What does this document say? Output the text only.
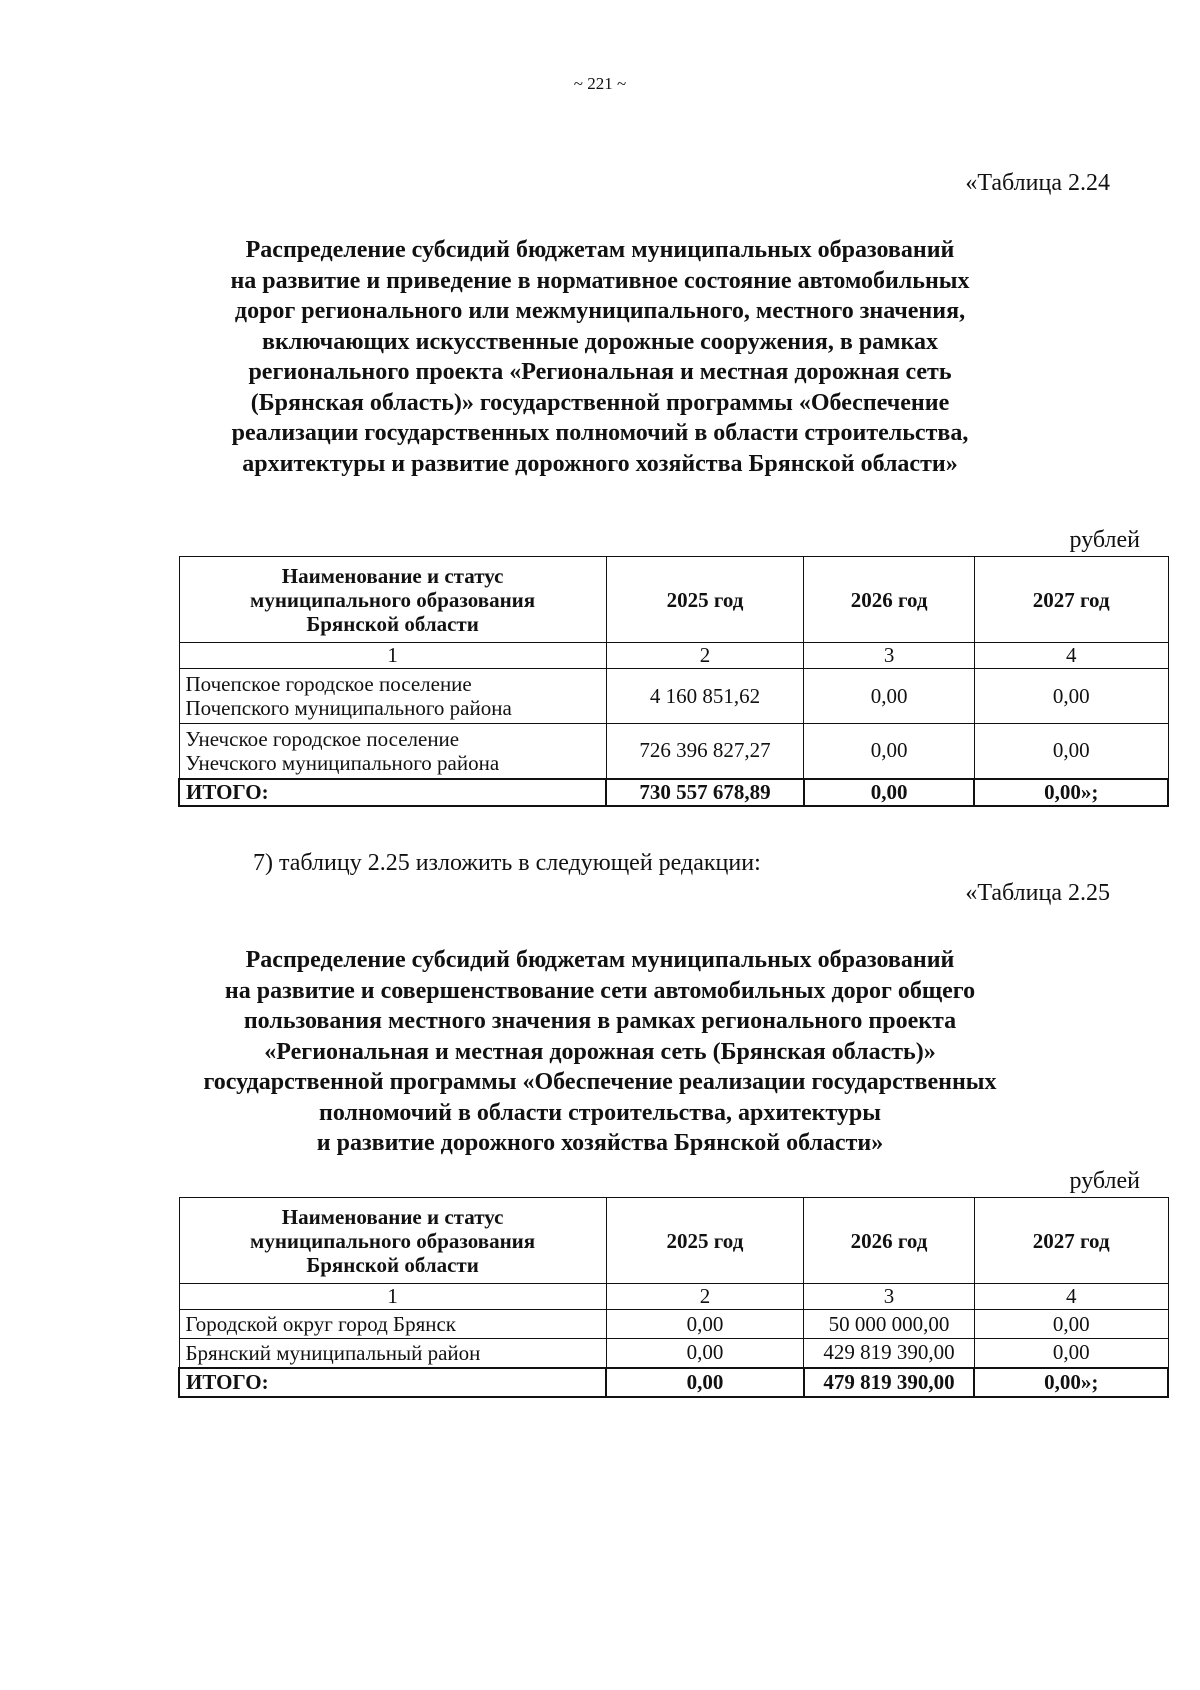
~ 221 ~
«Таблица 2.24
Распределение субсидий бюджетам муниципальных образований
на развитие и приведение в нормативное состояние автомобильных
дорог регионального или межмуниципального, местного значения,
включающих искусственные дорожные сооружения, в рамках
регионального проекта «Региональная и местная дорожная сеть
(Брянская область)» государственной программы «Обеспечение
реализации государственных полномочий в области строительства,
архитектуры и развитие дорожного хозяйства Брянской области»
рублей
Наименование и статус
муниципального образования
Брянской области	2025 год	2026 год	2027 год
1	2	3	4

Почепское городское поселение
Почепского муниципального района	4 160 851,62	0,00	0,00

Унечское городское поселение
Унечского муниципального района	726 396 827,27	0,00	0,00
ИТОГО:	730 557 678,89	0,00	0,00»;
7) таблицу 2.25 изложить в следующей редакции:
«Таблица 2.25
Распределение субсидий бюджетам муниципальных образований
на развитие и совершенствование сети автомобильных дорог общего
пользования местного значения в рамках регионального проекта
«Региональная и местная дорожная сеть (Брянская область)»
государственной программы «Обеспечение реализации государственных
полномочий в области строительства, архитектуры
и развитие дорожного хозяйства Брянской области»
рублей
Наименование и статус
муниципального образования
Брянской области	2025 год	2026 год	2027 год
1	2	3	4
Городской округ город Брянск	0,00	50 000 000,00	0,00
Брянский муниципальный район	0,00	429 819 390,00	0,00
ИТОГО:	0,00	479 819 390,00	0,00»;
